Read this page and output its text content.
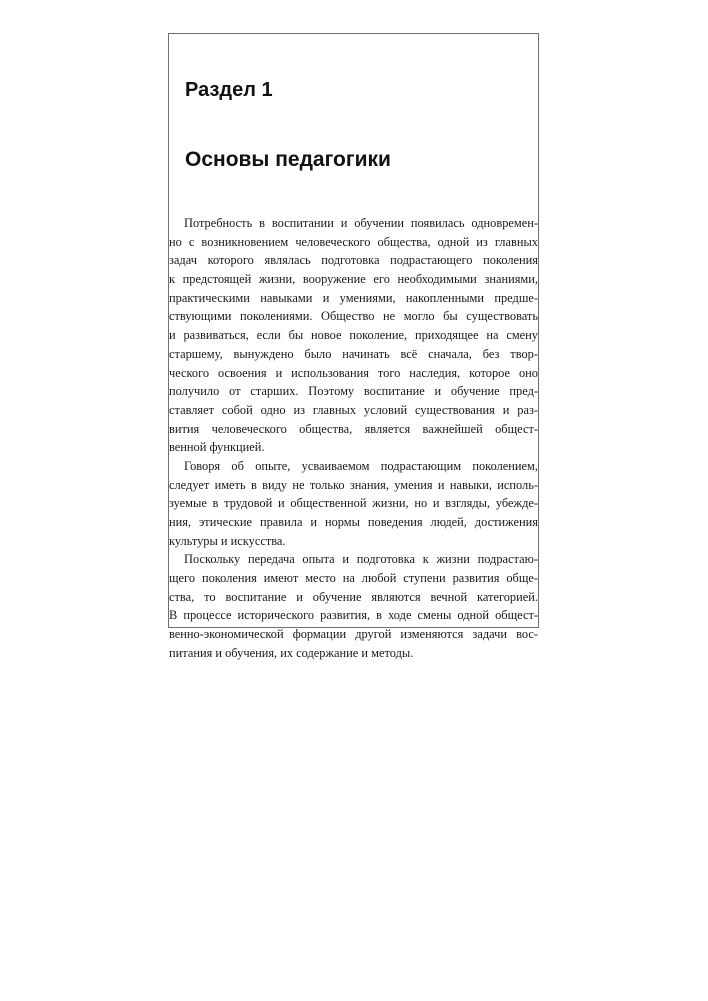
Раздел 1
Основы педагогики
Потребность в воспитании и обучении появилась одновремен-
но с возникновением человеческого общества, одной из главных
задач которого являлась подготовка подрастающего поколения
к предстоящей жизни, вооружение его необходимыми знаниями,
практическими навыками и умениями, накопленными предше-
ствующими поколениями. Общество не могло бы существовать
и развиваться, если бы новое поколение, приходящее на смену
старшему, вынуждено было начинать всё сначала, без твор-
ческого освоения и использования того наследия, которое оно
получило от старших. Поэтому воспитание и обучение пред-
ставляет собой одно из главных условий существования и раз-
вития человеческого общества, является важнейшей общест-
венной функцией.
Говоря об опыте, усваиваемом подрастающим поколением,
следует иметь в виду не только знания, умения и навыки, исполь-
зуемые в трудовой и общественной жизни, но и взгляды, убежде-
ния, этические правила и нормы поведения людей, достижения
культуры и искусства.
Поскольку передача опыта и подготовка к жизни подрастаю-
щего поколения имеют место на любой ступени развития обще-
ства, то воспитание и обучение являются вечной категорией.
В процессе исторического развития, в ходе смены одной общест-
венно-экономической формации другой изменяются задачи вос-
питания и обучения, их содержание и методы.
